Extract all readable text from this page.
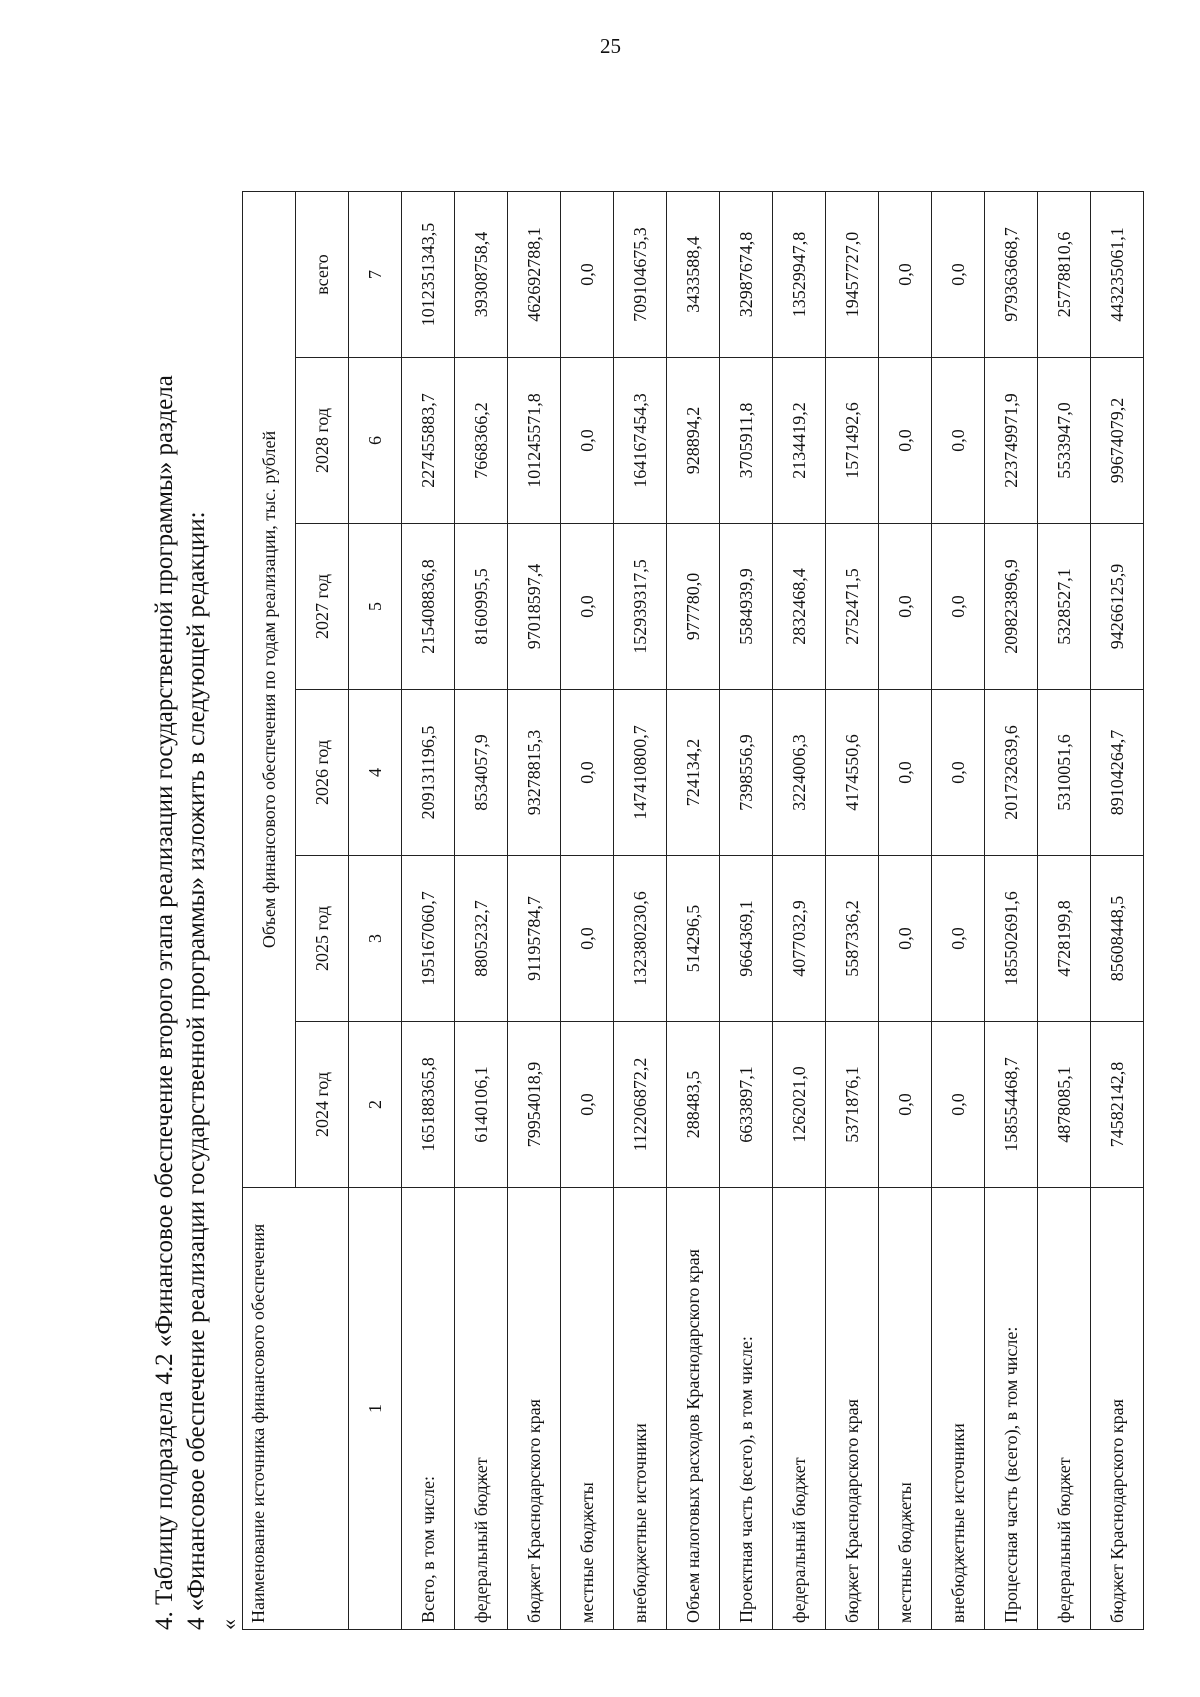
25
4. Таблицу подраздела 4.2 «Финансовое обеспечение второго этапа реализации государственной программы» раздела 4 «Финансовое обеспечение реализации государственной программы» изложить в следующей редакции: «
Наименование источника финансового обеспечения	Объем финансового обеспечения по годам реализации, тыс. рублей					
	2024 год	2025 год	2026 год	2027 год	2028 год	всего
1	2	3	4	5	6	7
Всего, в том числе:	165188365,8	195167060,7	209131196,5	215408836,8	227455883,7	1012351343,5
федеральный бюджет	6140106,1	8805232,7	8534057,9	8160995,5	7668366,2	39308758,4
бюджет Краснодарского края	79954018,9	91195784,7	93278815,3	97018597,4	101245571,8	462692788,1
местные бюджеты	0,0	0,0	0,0	0,0	0,0	0,0
внебюджетные источники	112206872,2	132380230,6	147410800,7	152939317,5	164167454,3	709104675,3
Объем налоговых расходов Краснодарского края	288483,5	514296,5	724134,2	977780,0	928894,2	3433588,4
Проектная часть (всего), в том числе:	6633897,1	9664369,1	7398556,9	5584939,9	3705911,8	32987674,8
федеральный бюджет	1262021,0	4077032,9	3224006,3	2832468,4	2134419,2	13529947,8
бюджет Краснодарского края	5371876,1	5587336,2	4174550,6	2752471,5	1571492,6	19457727,0
местные бюджеты	0,0	0,0	0,0	0,0	0,0	0,0
внебюджетные источники	0,0	0,0	0,0	0,0	0,0	0,0
Процессная часть (всего), в том числе:	158554468,7	185502691,6	201732639,6	209823896,9	223749971,9	979363668,7
федеральный бюджет	4878085,1	4728199,8	5310051,6	5328527,1	5533947,0	25778810,6
бюджет Краснодарского края	74582142,8	85608448,5	89104264,7	94266125,9	99674079,2	443235061,1
